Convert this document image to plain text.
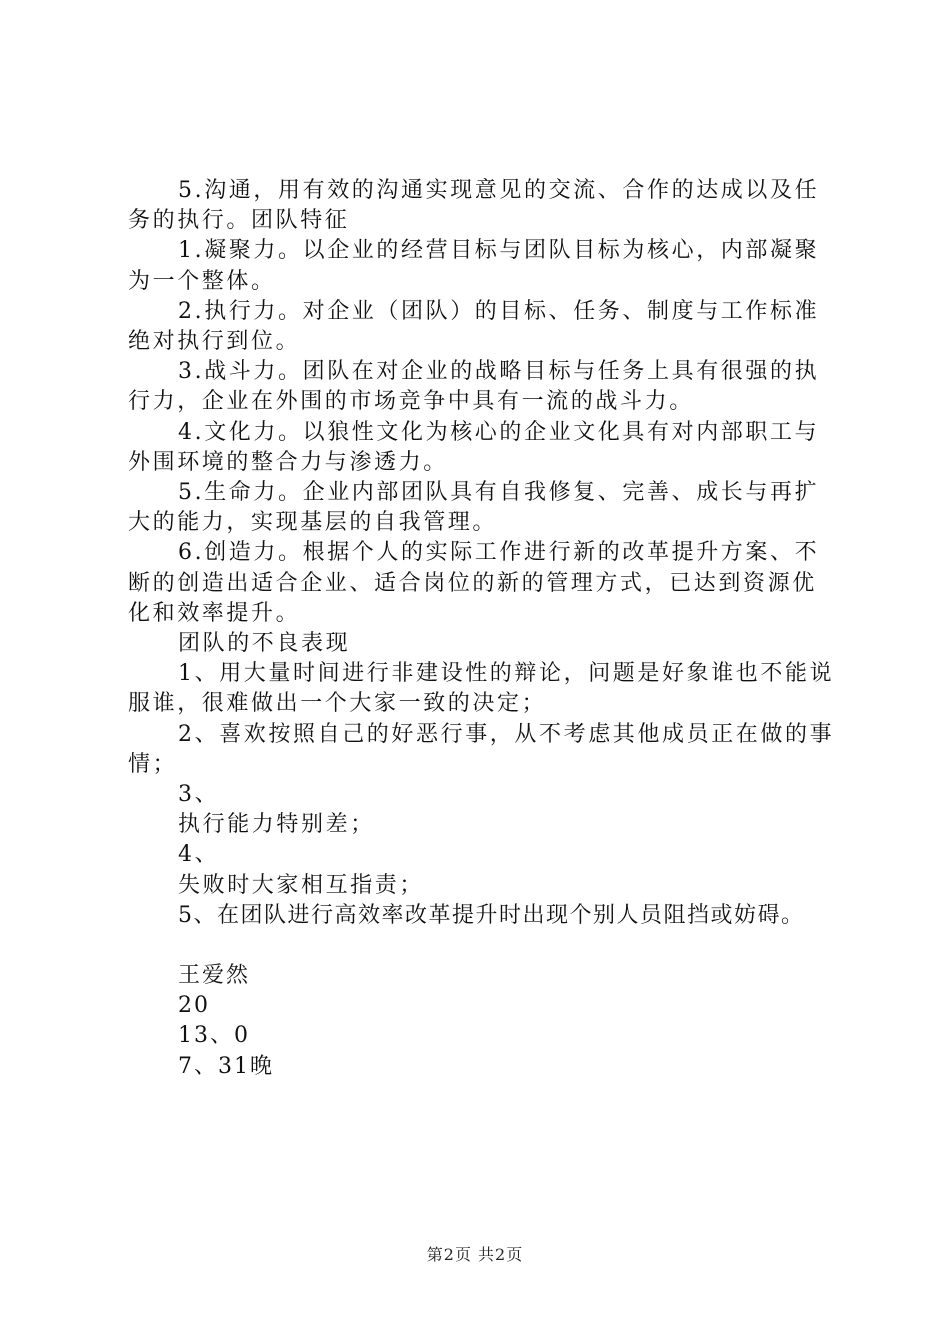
5.沟通，用有效的沟通实现意见的交流、合作的达成以及任务的执行。团队特征

1.凝聚力。以企业的经营目标与团队目标为核心，内部凝聚为一个整体。

2.执行力。对企业（团队）的目标、任务、制度与工作标准绝对执行到位。

3.战斗力。团队在对企业的战略目标与任务上具有很强的执行力，企业在外围的市场竞争中具有一流的战斗力。

4.文化力。以狼性文化为核心的企业文化具有对内部职工与外围环境的整合力与渗透力。

5.生命力。企业内部团队具有自我修复、完善、成长与再扩大的能力，实现基层的自我管理。

6.创造力。根据个人的实际工作进行新的改革提升方案、不断的创造出适合企业、适合岗位的新的管理方式，已达到资源优化和效率提升。

团队的不良表现

1、用大量时间进行非建设性的辩论，问题是好象谁也不能说服谁，很难做出一个大家一致的决定；

2、喜欢按照自己的好恶行事，从不考虑其他成员正在做的事情；

3、

执行能力特别差；

4、

失败时大家相互指责；

5、在团队进行高效率改革提升时出现个别人员阻挡或妨碍。

王爱然

20

13、0

7、31晚

第2页 共2页
